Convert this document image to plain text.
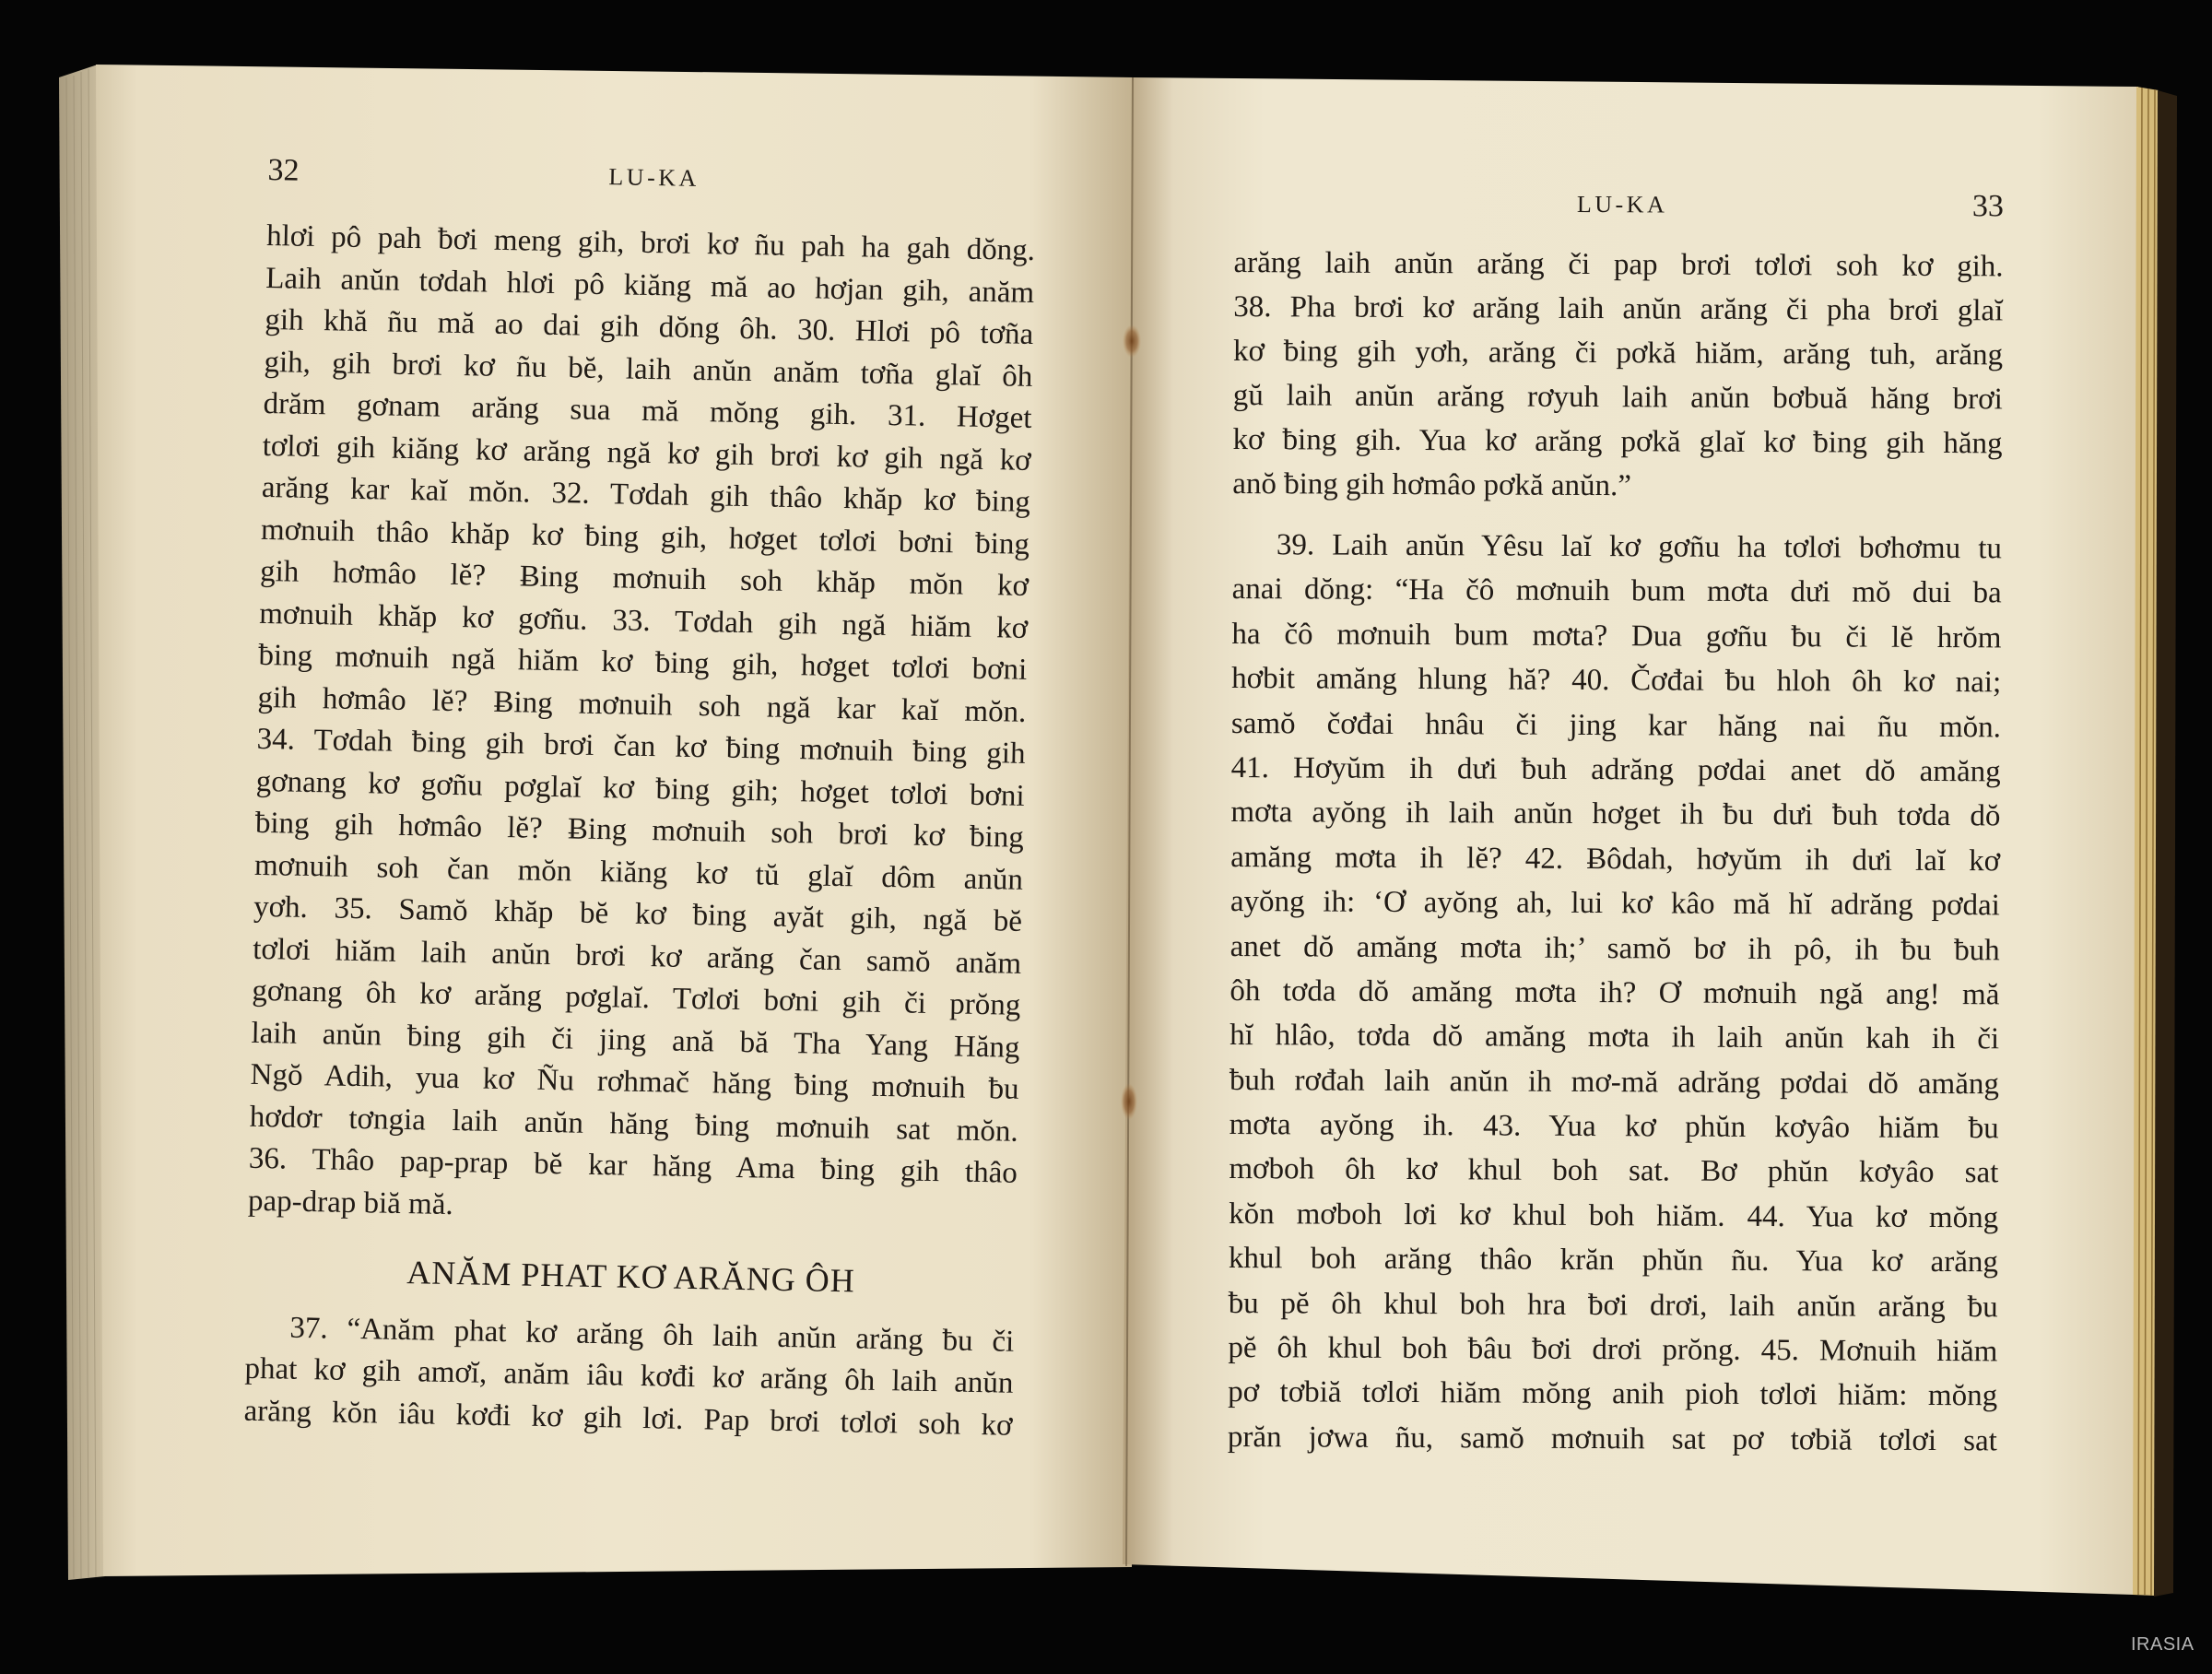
32	LU-KA
hlơi pô pah ƀơi meng gih, brơi kơ ñu pah ha gah dŏng.
Laih anŭn tơdah hlơi pô kiăng mă ao hơjan gih, anăm
gih khă ñu mă ao dai gih dŏng ôh. 30. Hlơi pô tơña
gih, gih brơi kơ ñu bĕ, laih anŭn anăm tơña glaĭ ôh
drăm gơnam arăng sua mă mŏng gih. 31. Hơget
tơlơi gih kiăng kơ arăng ngă kơ gih brơi kơ gih ngă kơ
arăng kar kaĭ mŏn. 32. Tơdah gih thâo khăp kơ ƀing
mơnuih thâo khăp kơ ƀing gih, hơget tơlơi bơni ƀing
gih hơmâo lĕ? Ƀing mơnuih soh khăp mŏn kơ
mơnuih khăp kơ gơñu. 33. Tơdah gih ngă hiăm kơ
ƀing mơnuih ngă hiăm kơ ƀing gih, hơget tơlơi bơni
gih hơmâo lĕ? Ƀing mơnuih soh ngă kar kaĭ mŏn.
34. Tơdah ƀing gih brơi čan kơ ƀing mơnuih ƀing gih
gơnang kơ gơñu pơglaĭ kơ ƀing gih; hơget tơlơi bơni
ƀing gih hơmâo lĕ? Ƀing mơnuih soh brơi kơ ƀing
mơnuih soh čan mŏn kiăng kơ tŭ glaĭ dôm anŭn
yơh. 35. Samŏ khăp bĕ kơ ƀing ayăt gih, ngă bĕ
tơlơi hiăm laih anŭn brơi kơ arăng čan samŏ anăm
gơnang ôh kơ arăng pơglaĭ. Tơlơi bơni gih či prŏng
laih anŭn ƀing gih či jing ană bă Tha Yang Hăng
Ngŏ Adih, yua kơ Ñu rơhmač hăng ƀing mơnuih ƀu
hơdơr tơngia laih anŭn hăng ƀing mơnuih sat mŏn.
36. Thâo pap-prap bĕ kar hăng Ama ƀing gih thâo
pap-drap biă mă.
ANĂM PHAT KƠ ARĂNG ÔH
37. “Anăm phat kơ arăng ôh laih anŭn arăng ƀu či
phat kơ gih amơĭ, anăm iâu kơđi kơ arăng ôh laih anŭn
arăng kŏn iâu kơđi kơ gih lơi. Pap brơi tơlơi soh kơ
LU-KA	33
arăng laih anŭn arăng či pap brơi tơlơi soh kơ gih.
38. Pha brơi kơ arăng laih anŭn arăng či pha brơi glaĭ
kơ ƀing gih yơh, arăng či pơkă hiăm, arăng tuh, arăng
gŭ laih anŭn arăng rơyuh laih anŭn bơbuă hăng brơi
kơ ƀing gih. Yua kơ arăng pơkă glaĭ kơ ƀing gih hăng
anŏ ƀing gih hơmâo pơkă anŭn.”
39. Laih anŭn Yêsu laĭ kơ gơñu ha tơlơi bơhơmu tu
anai dŏng: “Ha čô mơnuih bum mơta dưi mŏ dui ba
ha čô mơnuih bum mơta? Dua gơñu ƀu či lĕ hrŏm
hơbit amăng hlung hă? 40. Čơđai ƀu hloh ôh kơ nai;
samŏ čơđai hnâu či jing kar hăng nai ñu mŏn.
41. Hơyŭm ih dưi ƀuh adrăng pơdai anet dŏ amăng
mơta ayŏng ih laih anŭn hơget ih ƀu dưi ƀuh tơda dŏ
amăng mơta ih lĕ? 42. Ƀôdah, hơyŭm ih dưi laĭ kơ
ayŏng ih: ‘Ơ ayŏng ah, lui kơ kâo mă hĭ adrăng pơdai
anet dŏ amăng mơta ih;’ samŏ bơ ih pô, ih ƀu ƀuh
ôh tơda dŏ amăng mơta ih? Ơ mơnuih ngă ang! mă
hĭ hlâo, tơda dŏ amăng mơta ih laih anŭn kah ih či
ƀuh rơđah laih anŭn ih mơ-mă adrăng pơdai dŏ amăng
mơta ayŏng ih. 43. Yua kơ phŭn kơyâo hiăm ƀu
mơboh ôh kơ khul boh sat. Bơ phŭn kơyâo sat
kŏn mơboh lơi kơ khul boh hiăm. 44. Yua kơ mŏng
khul boh arăng thâo krăn phŭn ñu. Yua kơ arăng
ƀu pĕ ôh khul boh hra ƀơi drơi, laih anŭn arăng ƀu
pĕ ôh khul boh ƀâu ƀơi drơi prŏng. 45. Mơnuih hiăm
pơ tơbiă tơlơi hiăm mŏng anih pioh tơlơi hiăm: mŏng
prăn jơwa ñu, samŏ mơnuih sat pơ tơbiă tơlơi sat
IRASIA
